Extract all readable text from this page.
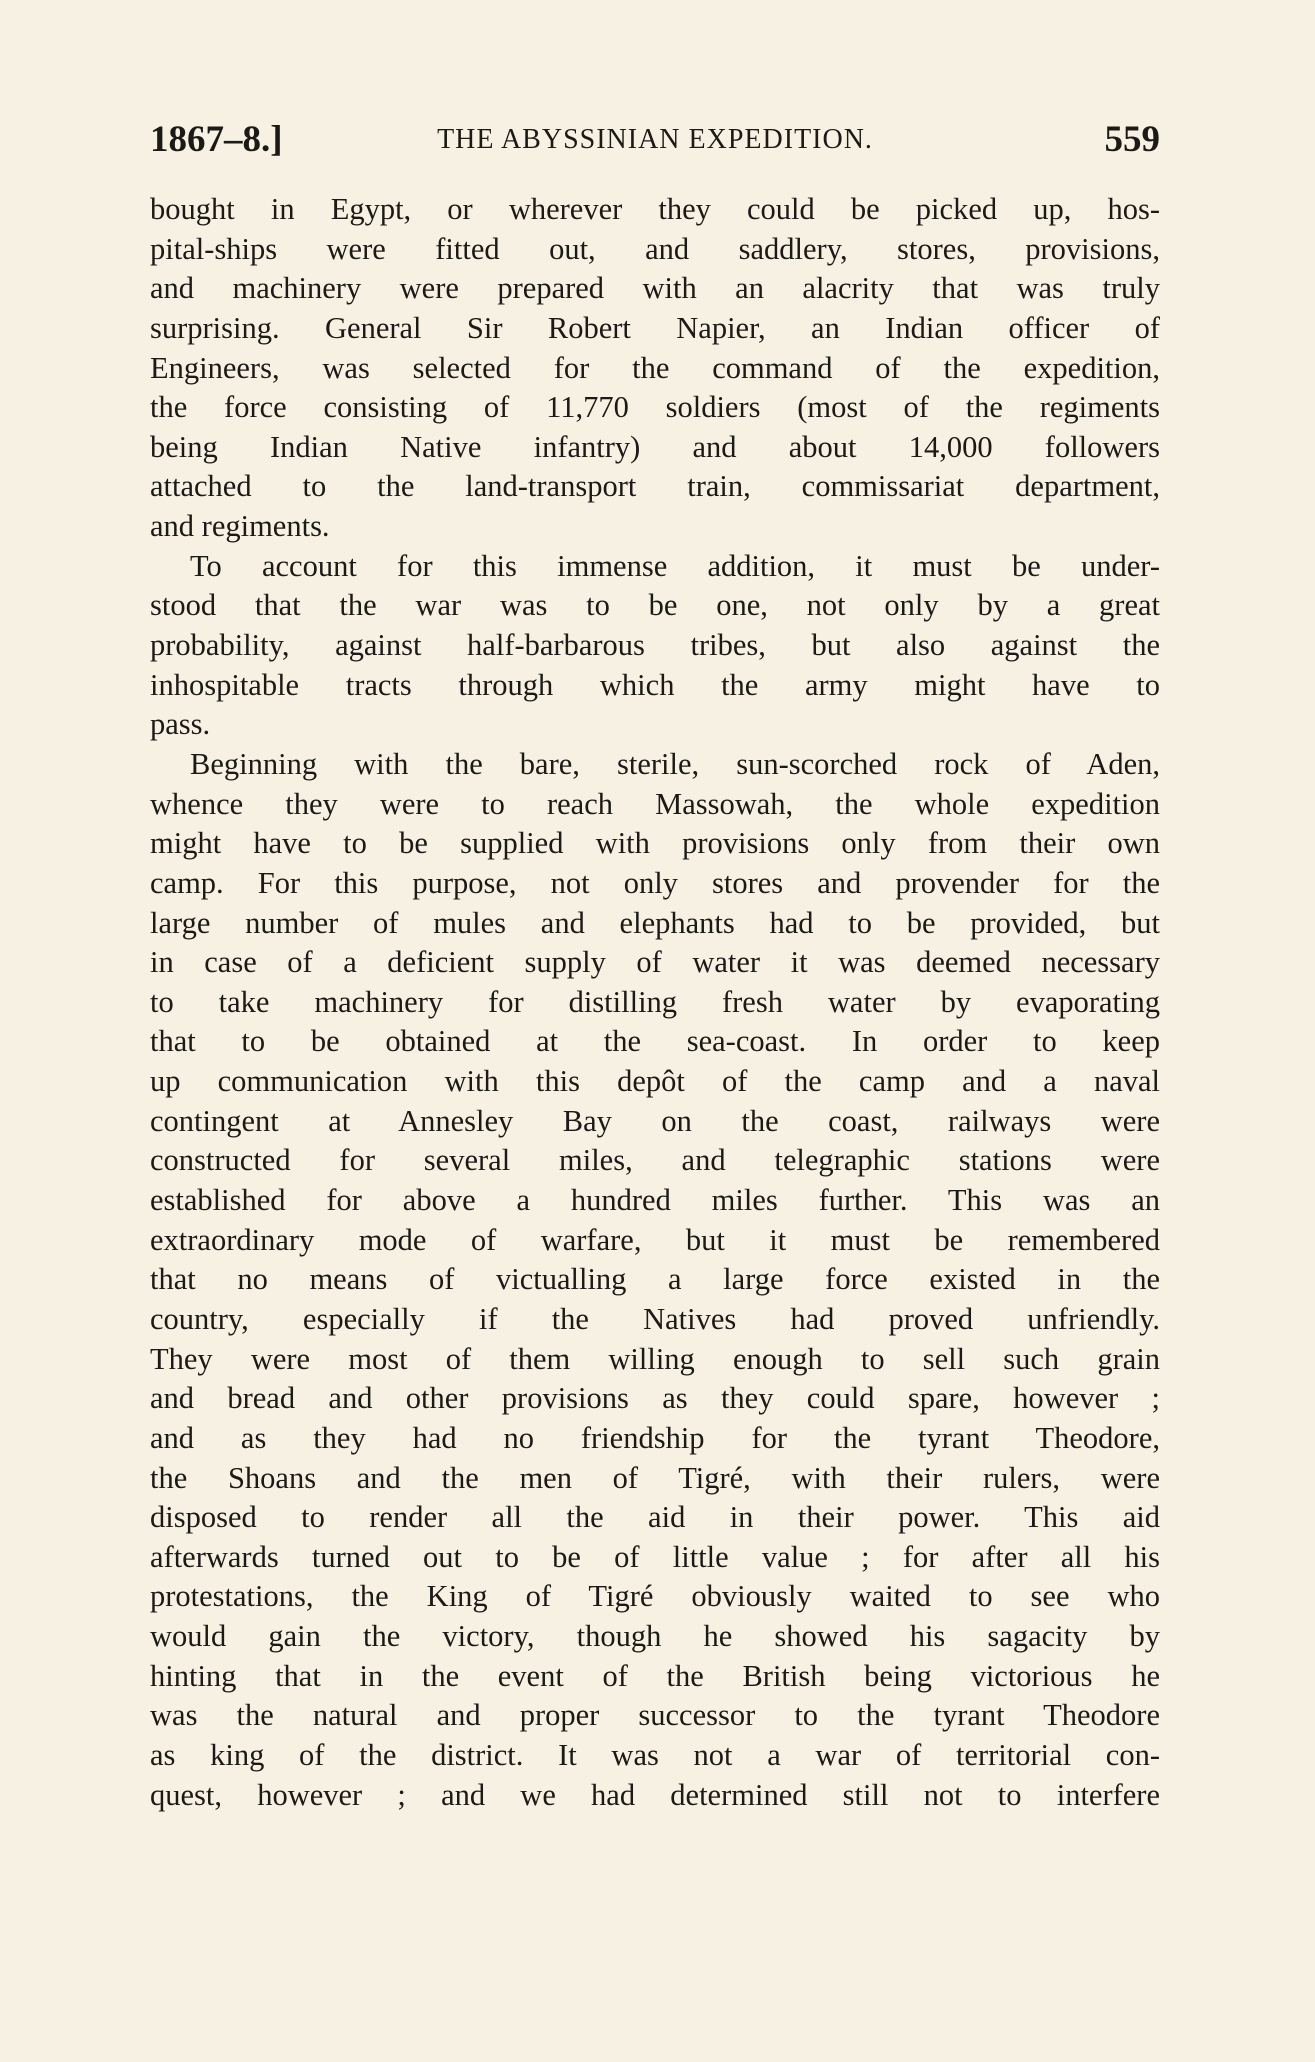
1867–8.]	THE ABYSSINIAN EXPEDITION.	559
bought in Egypt, or wherever they could be picked up, hos-
pital-ships were fitted out, and saddlery, stores, provisions,
and machinery were prepared with an alacrity that was truly
surprising. General Sir Robert Napier, an Indian officer of
Engineers, was selected for the command of the expedition,
the force consisting of 11,770 soldiers (most of the regiments
being Indian Native infantry) and about 14,000 followers
attached to the land-transport train, commissariat department,
and regiments.
To account for this immense addition, it must be under-
stood that the war was to be one, not only by a great
probability, against half-barbarous tribes, but also against the
inhospitable tracts through which the army might have to
pass.
Beginning with the bare, sterile, sun-scorched rock of Aden,
whence they were to reach Massowah, the whole expedition
might have to be supplied with provisions only from their own
camp. For this purpose, not only stores and provender for the
large number of mules and elephants had to be provided, but
in case of a deficient supply of water it was deemed necessary
to take machinery for distilling fresh water by evaporating
that to be obtained at the sea-coast. In order to keep
up communication with this depôt of the camp and a naval
contingent at Annesley Bay on the coast, railways were
constructed for several miles, and telegraphic stations were
established for above a hundred miles further. This was an
extraordinary mode of warfare, but it must be remembered
that no means of victualling a large force existed in the
country, especially if the Natives had proved unfriendly.
They were most of them willing enough to sell such grain
and bread and other provisions as they could spare, however ;
and as they had no friendship for the tyrant Theodore,
the Shoans and the men of Tigré, with their rulers, were
disposed to render all the aid in their power. This aid
afterwards turned out to be of little value ; for after all his
protestations, the King of Tigré obviously waited to see who
would gain the victory, though he showed his sagacity by
hinting that in the event of the British being victorious he
was the natural and proper successor to the tyrant Theodore
as king of the district. It was not a war of territorial con-
quest, however ; and we had determined still not to interfere
